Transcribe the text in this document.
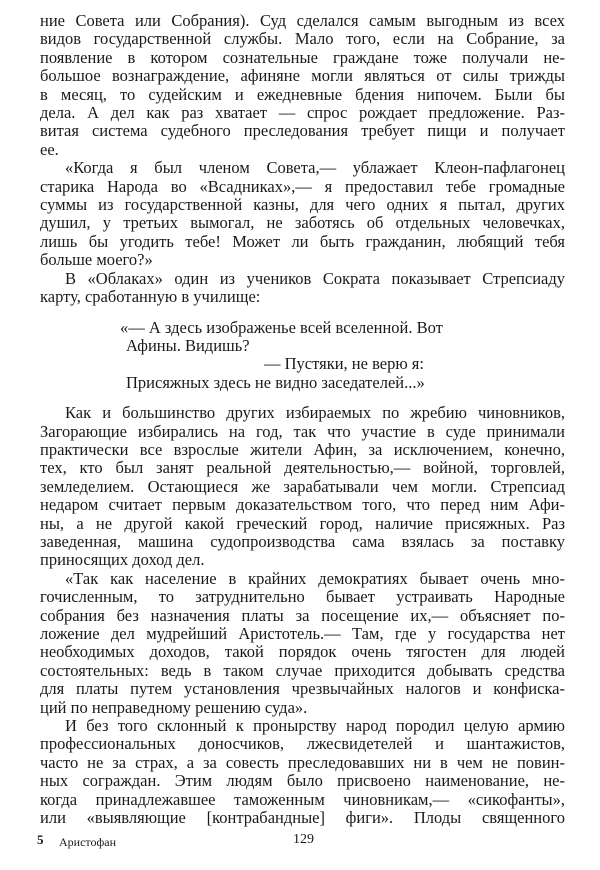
ние Совета или Собрания). Суд сделался самым выгодным из всех
видов государственной службы. Мало того, если на Собрание, за
появление в котором сознательные граждане тоже получали не-
большое вознаграждение, афиняне могли являться от силы трижды
в месяц, то судейским и ежедневные бдения нипочем. Были бы
дела. А дел как раз хватает — спрос рождает предложение. Раз-
витая система судебного преследования требует пищи и получает
ее.
«Когда я был членом Совета,— ублажает Клеон-пафлагонец
старика Народа во «Всадниках»,— я предоставил тебе громадные
суммы из государственной казны, для чего одних я пытал, других
душил, у третьих вымогал, не заботясь об отдельных человечках,
лишь бы угодить тебе! Может ли быть гражданин, любящий тебя
больше моего?»
В «Облаках» один из учеников Сократа показывает Стрепсиаду
карту, сработанную в училище:
«— А здесь изображенье всей вселенной. Вот
Афины. Видишь?
— Пустяки, не верю я:
Присяжных здесь не видно заседателей...»
Как и большинство других избираемых по жребию чиновников,
Загорающие избирались на год, так что участие в суде принимали
практически все взрослые жители Афин, за исключением, конечно,
тех, кто был занят реальной деятельностью,— войной, торговлей,
земледелием. Остающиеся же зарабатывали чем могли. Стрепсиад
недаром считает первым доказательством того, что перед ним Афи-
ны, а не другой какой греческий город, наличие присяжных. Раз
заведенная, машина судопроизводства сама взялась за поставку
приносящих доход дел.
«Так как население в крайних демократиях бывает очень мно-
гочисленным, то затруднительно бывает устраивать Народные
собрания без назначения платы за посещение их,— объясняет по-
ложение дел мудрейший Аристотель.— Там, где у государства нет
необходимых доходов, такой порядок очень тягостен для людей
состоятельных: ведь в таком случае приходится добывать средства
для платы путем установления чрезвычайных налогов и конфиска-
ций по неправедному решению суда».
И без того склонный к пронырству народ породил целую армию
профессиональных доносчиков, лжесвидетелей и шантажистов,
часто не за страх, а за совесть преследовавших ни в чем не повин-
ных сограждан. Этим людям было присвоено наименование, не-
когда принадлежавшее таможенным чиновникам,— «сикофанты»,
или «выявляющие [контрабандные] фиги». Плоды священного
5 Аристофан	129
